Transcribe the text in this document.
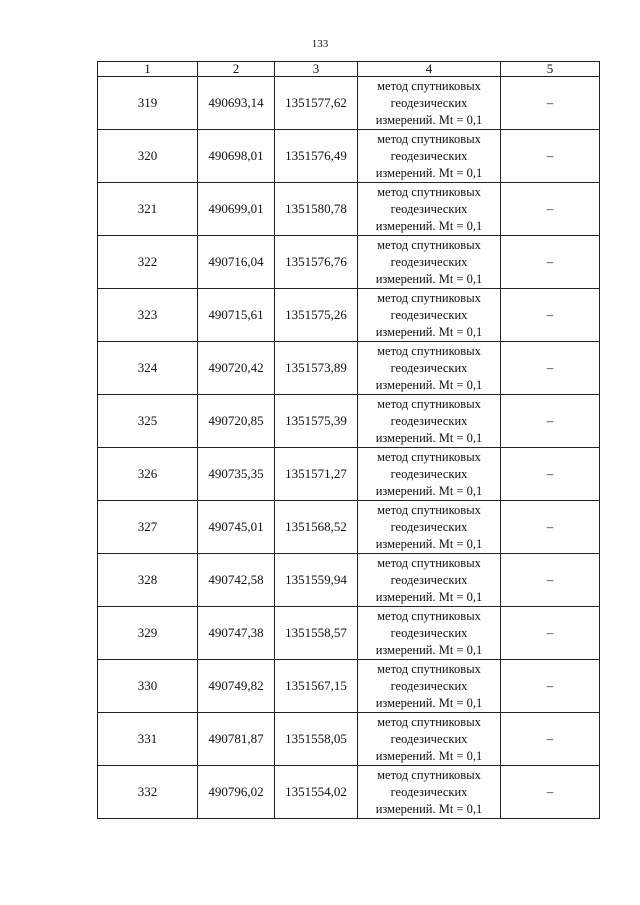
133
1	2	3	4	5
319	490693,14	1351577,62	метод спутниковых
геодезических
измерений. Mt = 0,1	–
320	490698,01	1351576,49	метод спутниковых
геодезических
измерений. Mt = 0,1	–
321	490699,01	1351580,78	метод спутниковых
геодезических
измерений. Mt = 0,1	–
322	490716,04	1351576,76	метод спутниковых
геодезических
измерений. Mt = 0,1	–
323	490715,61	1351575,26	метод спутниковых
геодезических
измерений. Mt = 0,1	–
324	490720,42	1351573,89	метод спутниковых
геодезических
измерений. Mt = 0,1	–
325	490720,85	1351575,39	метод спутниковых
геодезических
измерений. Mt = 0,1	–
326	490735,35	1351571,27	метод спутниковых
геодезических
измерений. Mt = 0,1	–
327	490745,01	1351568,52	метод спутниковых
геодезических
измерений. Mt = 0,1	–
328	490742,58	1351559,94	метод спутниковых
геодезических
измерений. Mt = 0,1	–
329	490747,38	1351558,57	метод спутниковых
геодезических
измерений. Mt = 0,1	–
330	490749,82	1351567,15	метод спутниковых
геодезических
измерений. Mt = 0,1	–
331	490781,87	1351558,05	метод спутниковых
геодезических
измерений. Mt = 0,1	–
332	490796,02	1351554,02	метод спутниковых
геодезических
измерений. Mt = 0,1	–
